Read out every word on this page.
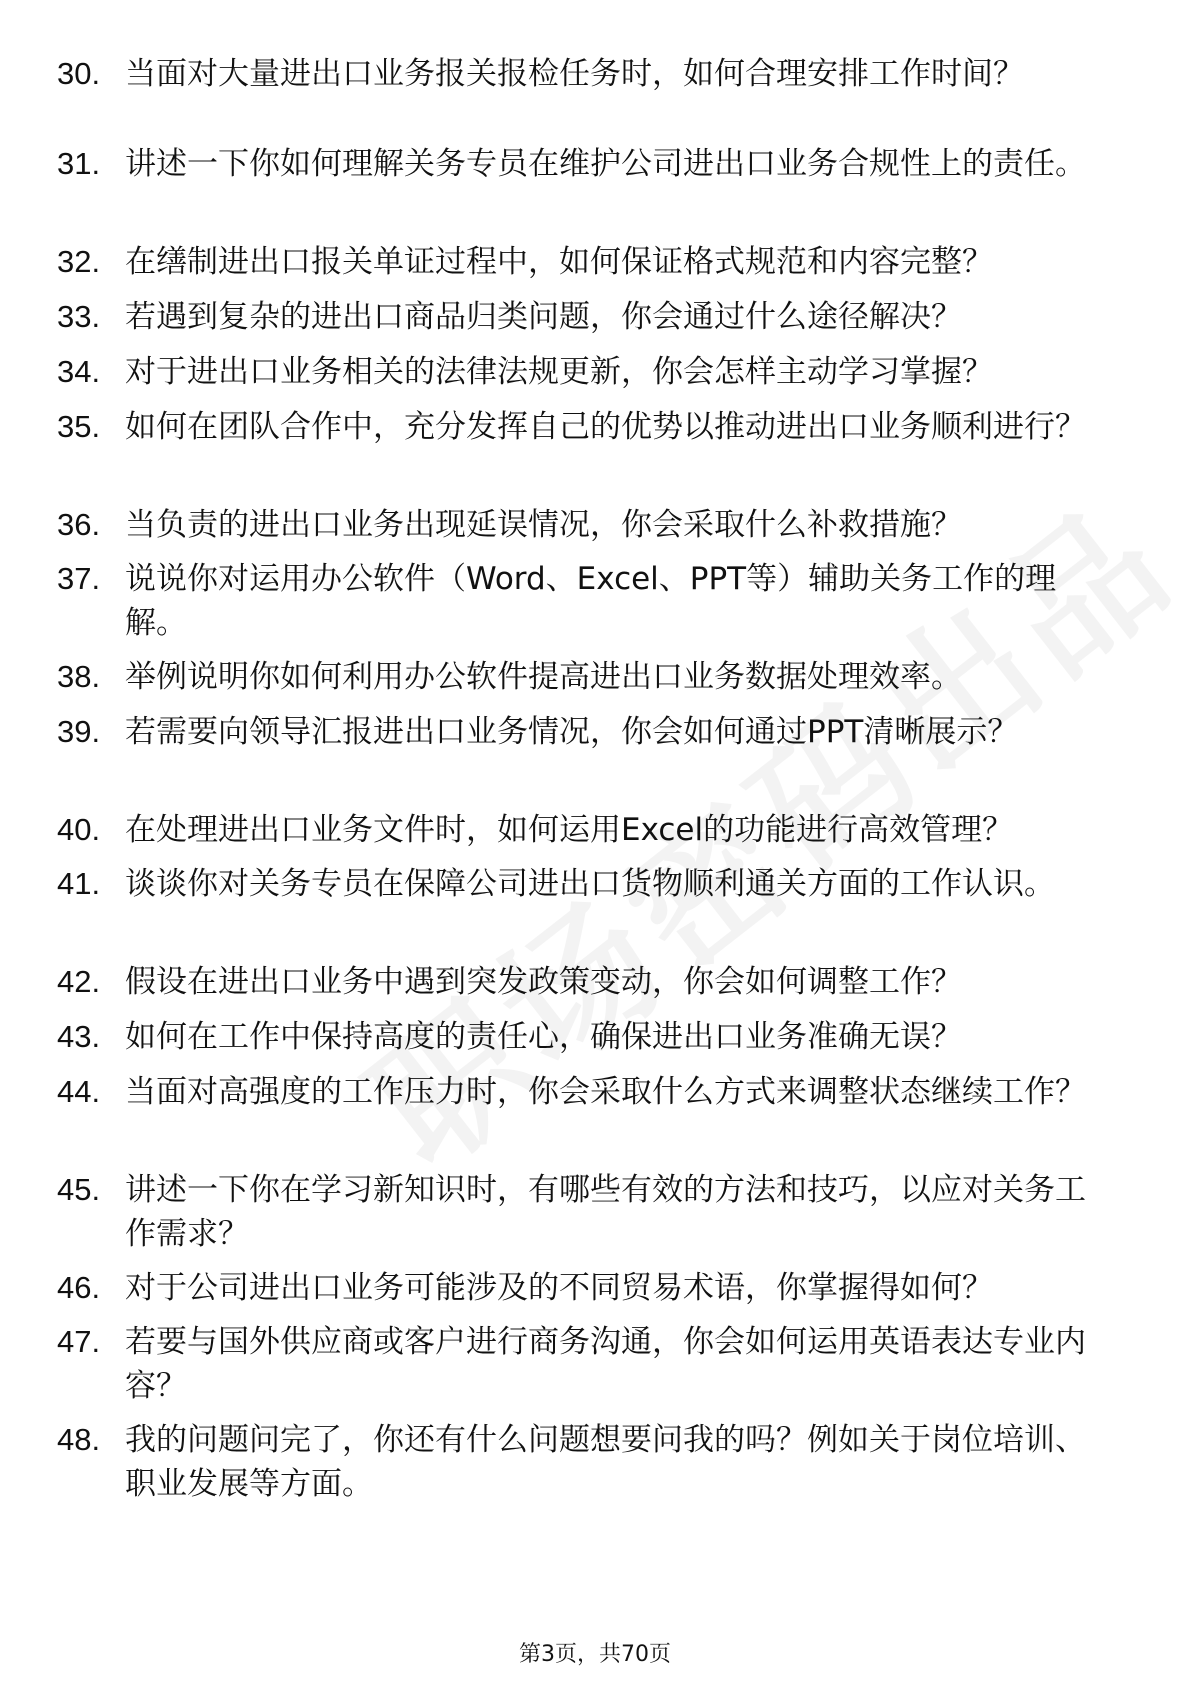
30. 当面对大量进出口业务报关报检任务时，如何合理安排工作时间？
31. 讲述一下你如何理解关务专员在维护公司进出口业务合规性上的责任。
32. 在缮制进出口报关单证过程中，如何保证格式规范和内容完整？
33. 若遇到复杂的进出口商品归类问题，你会通过什么途径解决？
34. 对于进出口业务相关的法律法规更新，你会怎样主动学习掌握？
35. 如何在团队合作中，充分发挥自己的优势以推动进出口业务顺利进行？
36. 当负责的进出口业务出现延误情况，你会采取什么补救措施？
37. 说说你对运用办公软件（Word、Excel、PPT等）辅助关务工作的理解。
38. 举例说明你如何利用办公软件提高进出口业务数据处理效率。
39. 若需要向领导汇报进出口业务情况，你会如何通过PPT清晰展示？
40. 在处理进出口业务文件时，如何运用Excel的功能进行高效管理？
41. 谈谈你对关务专员在保障公司进出口货物顺利通关方面的工作认识。
42. 假设在进出口业务中遇到突发政策变动，你会如何调整工作？
43. 如何在工作中保持高度的责任心，确保进出口业务准确无误？
44. 当面对高强度的工作压力时，你会采取什么方式来调整状态继续工作？
45. 讲述一下你在学习新知识时，有哪些有效的方法和技巧，以应对关务工作需求？
46. 对于公司进出口业务可能涉及的不同贸易术语，你掌握得如何？
47. 若要与国外供应商或客户进行商务沟通，你会如何运用英语表达专业内容？
48. 我的问题问完了，你还有什么问题想要问我的吗？例如关于岗位培训、职业发展等方面。
第3页，共70页
